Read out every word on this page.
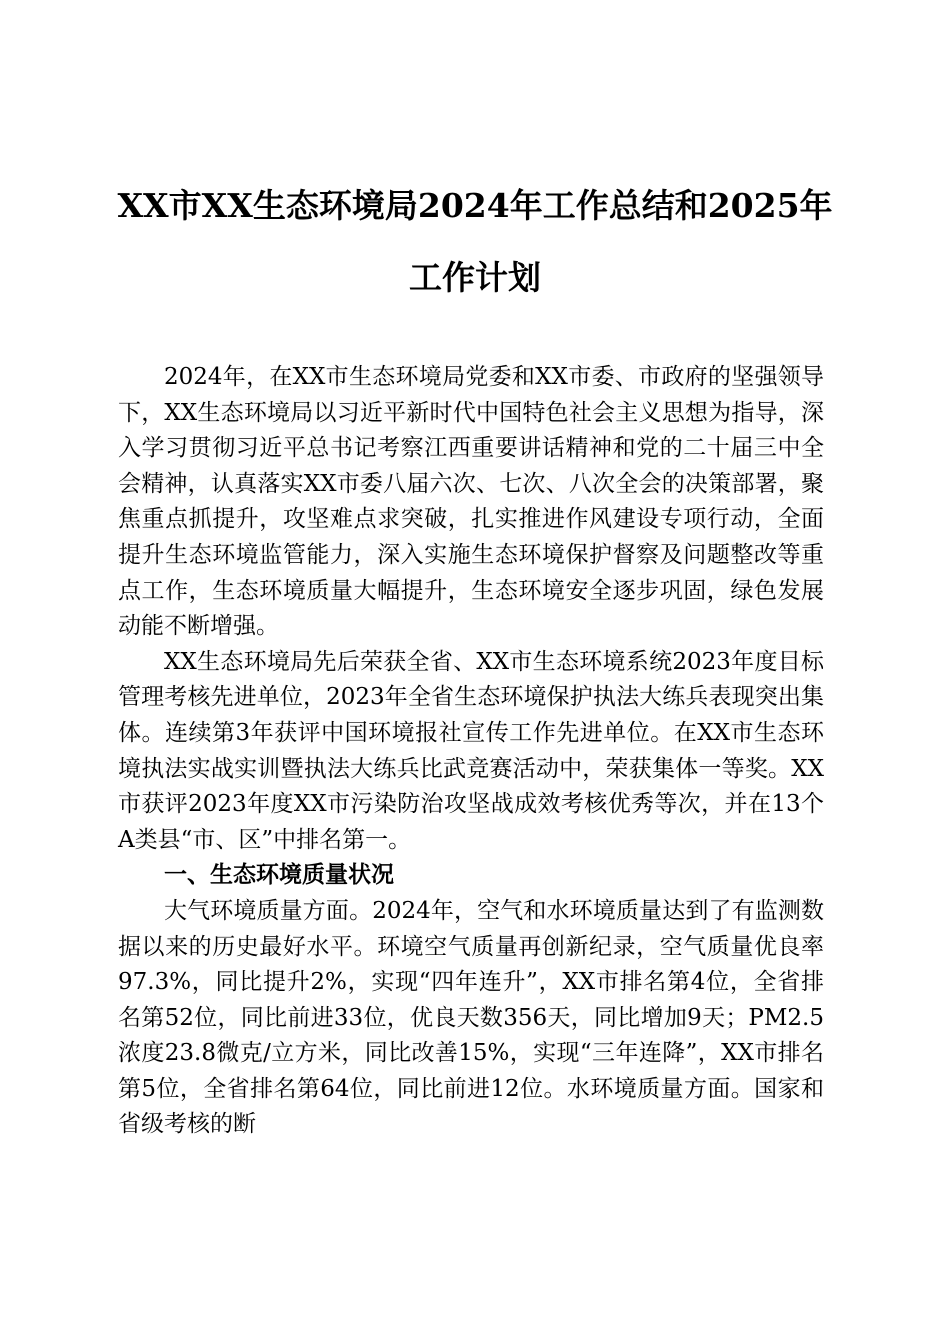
XX市XX生态环境局2024年工作总结和2025年工作计划

2024年，在XX市生态环境局党委和XX市委、市政府的坚强领导下，XX生态环境局以习近平新时代中国特色社会主义思想为指导，深入学习贯彻习近平总书记考察江西重要讲话精神和党的二十届三中全会精神，认真落实XX市委八届六次、七次、八次全会的决策部署，聚焦重点抓提升，攻坚难点求突破，扎实推进作风建设专项行动，全面提升生态环境监管能力，深入实施生态环境保护督察及问题整改等重点工作，生态环境质量大幅提升，生态环境安全逐步巩固，绿色发展动能不断增强。

XX生态环境局先后荣获全省、XX市生态环境系统2023年度目标管理考核先进单位，2023年全省生态环境保护执法大练兵表现突出集体。连续第3年获评中国环境报社宣传工作先进单位。在XX市生态环境执法实战实训暨执法大练兵比武竞赛活动中，荣获集体一等奖。XX市获评2023年度XX市污染防治攻坚战成效考核优秀等次，并在13个A类县“市、区”中排名第一。

一、生态环境质量状况

大气环境质量方面。2024年，空气和水环境质量达到了有监测数据以来的历史最好水平。环境空气质量再创新纪录，空气质量优良率97.3%，同比提升2%，实现“四年连升”，XX市排名第4位，全省排名第52位，同比前进33位，优良天数356天，同比增加9天；PM2.5浓度23.8微克/立方米，同比改善15%，实现“三年连降”，XX市排名第5位，全省排名第64位，同比前进12位。水环境质量方面。国家和省级考核的断
